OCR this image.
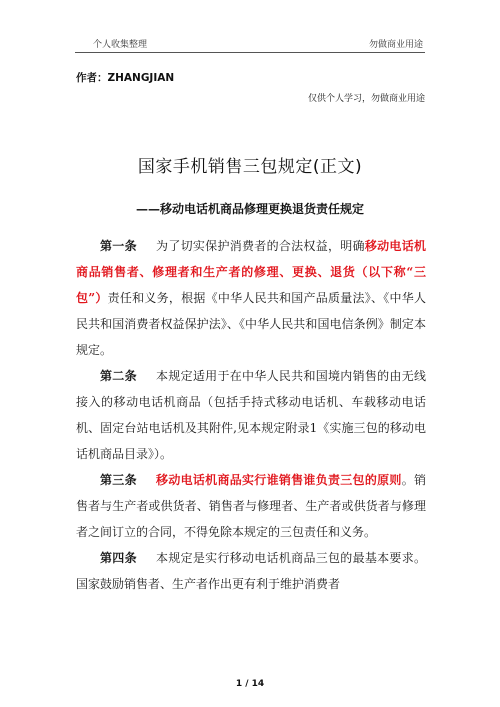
个人收集整理	勿做商业用途
作者：ZHANGJIAN
仅供个人学习，勿做商业用途
国家手机销售三包规定(正文)
——移动电话机商品修理更换退货责任规定

第一条 为了切实保护消费者的合法权益，明确移动电话机商品销售者、修理者和生产者的修理、更换、退货（以下称“三包”）责任和义务，根据《中华人民共和国产品质量法》、《中华人民共和国消费者权益保护法》、《中华人民共和国电信条例》制定本规定。

第二条 本规定适用于在中华人民共和国境内销售的由无线接入的移动电话机商品（包括手持式移动电话机、车载移动电话机、固定台站电话机及其附件,见本规定附录1《实施三包的移动电话机商品目录》）。

第三条 移动电话机商品实行谁销售谁负责三包的原则。销售者与生产者或供货者、销售者与修理者、生产者或供货者与修理者之间订立的合同，不得免除本规定的三包责任和义务。

第四条 本规定是实行移动电话机商品三包的最基本要求。国家鼓励销售者、生产者作出更有利于维护消费者

1 / 14
